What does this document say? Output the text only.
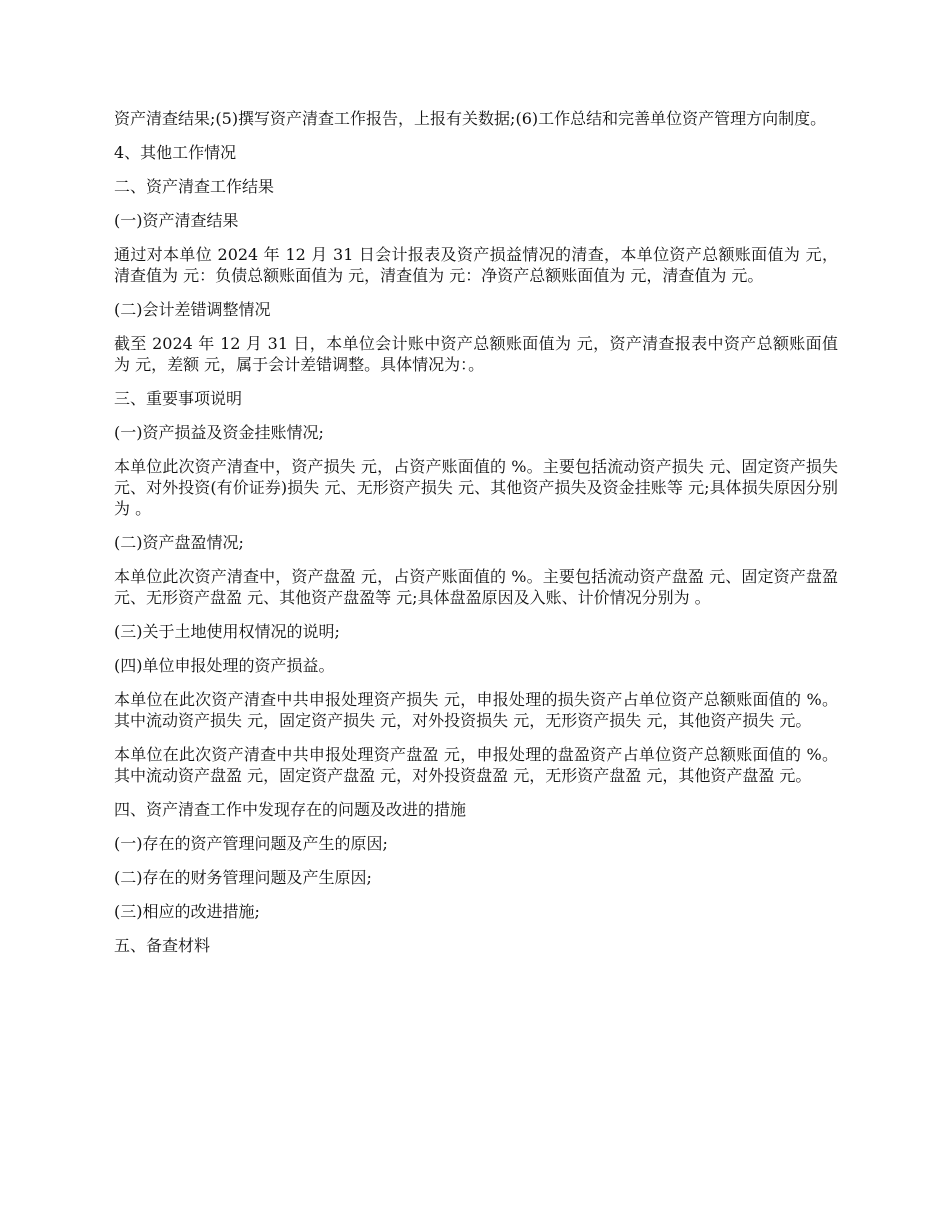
资产清查结果;(5)撰写资产清查工作报告，上报有关数据;(6)工作总结和完善单位资产管理方向制度。

4、其他工作情况

二、资产清查工作结果

(一)资产清查结果

通过对本单位 2024 年 12 月 31 日会计报表及资产损益情况的清查，本单位资产总额账面值为 元，清查值为 元：负债总额账面值为 元，清查值为 元：净资产总额账面值为 元，清查值为 元。

(二)会计差错调整情况

截至 2024 年 12 月 31 日，本单位会计账中资产总额账面值为 元，资产清查报表中资产总额账面值为 元，差额 元，属于会计差错调整。具体情况为：。

三、重要事项说明

(一)资产损益及资金挂账情况;

本单位此次资产清查中，资产损失 元，占资产账面值的 %。主要包括流动资产损失 元、固定资产损失 元、对外投资(有价证券)损失 元、无形资产损失 元、其他资产损失及资金挂账等 元;具体损失原因分别为 。

(二)资产盘盈情况;

本单位此次资产清查中，资产盘盈 元，占资产账面值的 %。主要包括流动资产盘盈 元、固定资产盘盈 元、无形资产盘盈 元、其他资产盘盈等 元;具体盘盈原因及入账、计价情况分别为 。

(三)关于土地使用权情况的说明;

(四)单位申报处理的资产损益。

本单位在此次资产清查中共申报处理资产损失 元，申报处理的损失资产占单位资产总额账面值的 %。其中流动资产损失 元，固定资产损失 元，对外投资损失 元，无形资产损失 元，其他资产损失 元。

本单位在此次资产清查中共申报处理资产盘盈 元，申报处理的盘盈资产占单位资产总额账面值的 %。其中流动资产盘盈 元，固定资产盘盈 元，对外投资盘盈 元，无形资产盘盈 元，其他资产盘盈 元。

四、资产清查工作中发现存在的问题及改进的措施

(一)存在的资产管理问题及产生的原因;

(二)存在的财务管理问题及产生原因;

(三)相应的改进措施;

五、备查材料
